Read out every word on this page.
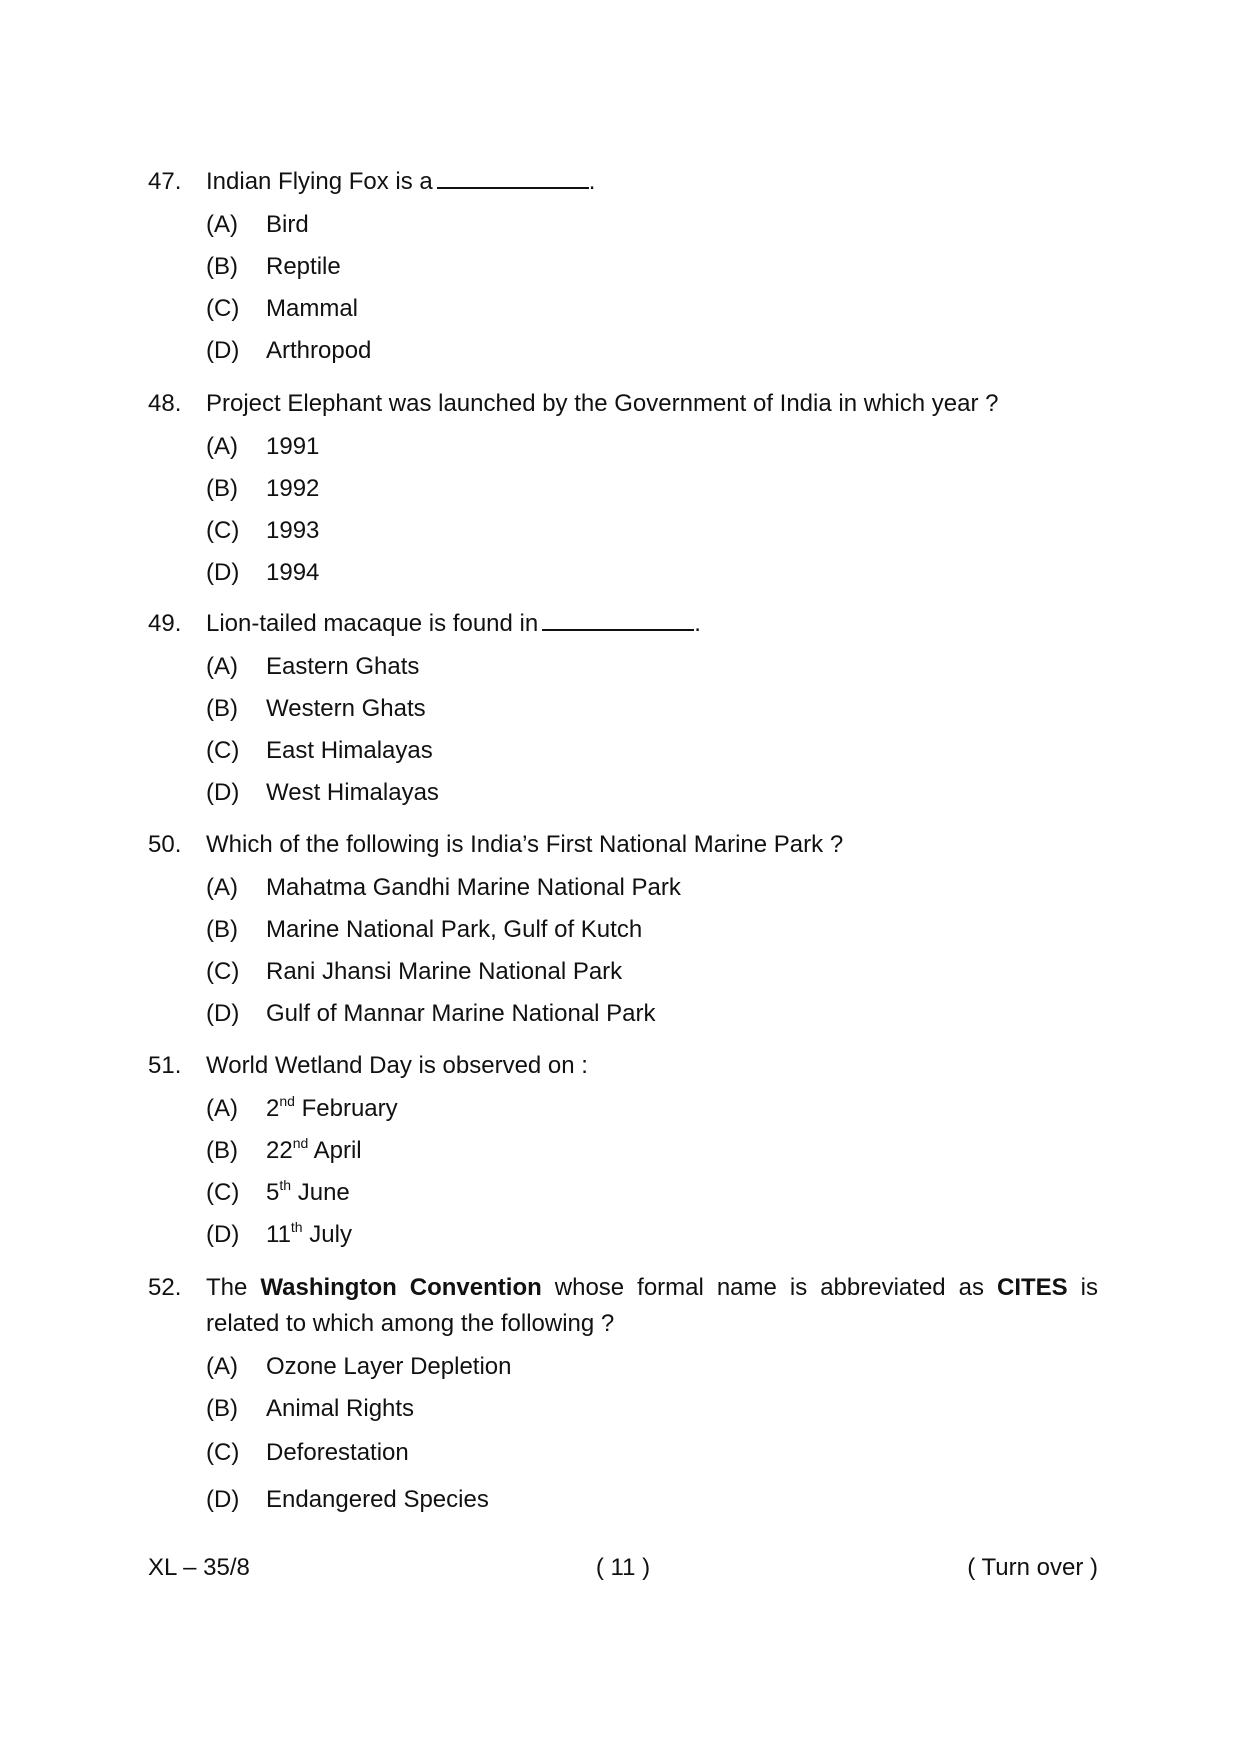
47. Indian Flying Fox is a	.
(A) Bird
(B) Reptile
(C) Mammal
(D) Arthropod
48. Project Elephant was launched by the Government of India in which year ?
(A) 1991
(B) 1992
(C) 1993
(D) 1994
49. Lion-tailed macaque is found in	.
(A) Eastern Ghats
(B) Western Ghats
(C) East Himalayas
(D) West Himalayas
50. Which of the following is India’s First National Marine Park ?
(A) Mahatma Gandhi Marine National Park
(B) Marine National Park, Gulf of Kutch
(C) Rani Jhansi Marine National Park
(D) Gulf of Mannar Marine National Park
51. World Wetland Day is observed on :
(A) 2nd February
(B) 22nd April
(C) 5th June
(D) 11th July
52. The Washington Convention whose formal name is abbreviated as CITES is related to which among the following ?
(A) Ozone Layer Depletion
(B) Animal Rights
(C) Deforestation
(D) Endangered Species
XL – 35/8	( 11 )	( Turn over )
